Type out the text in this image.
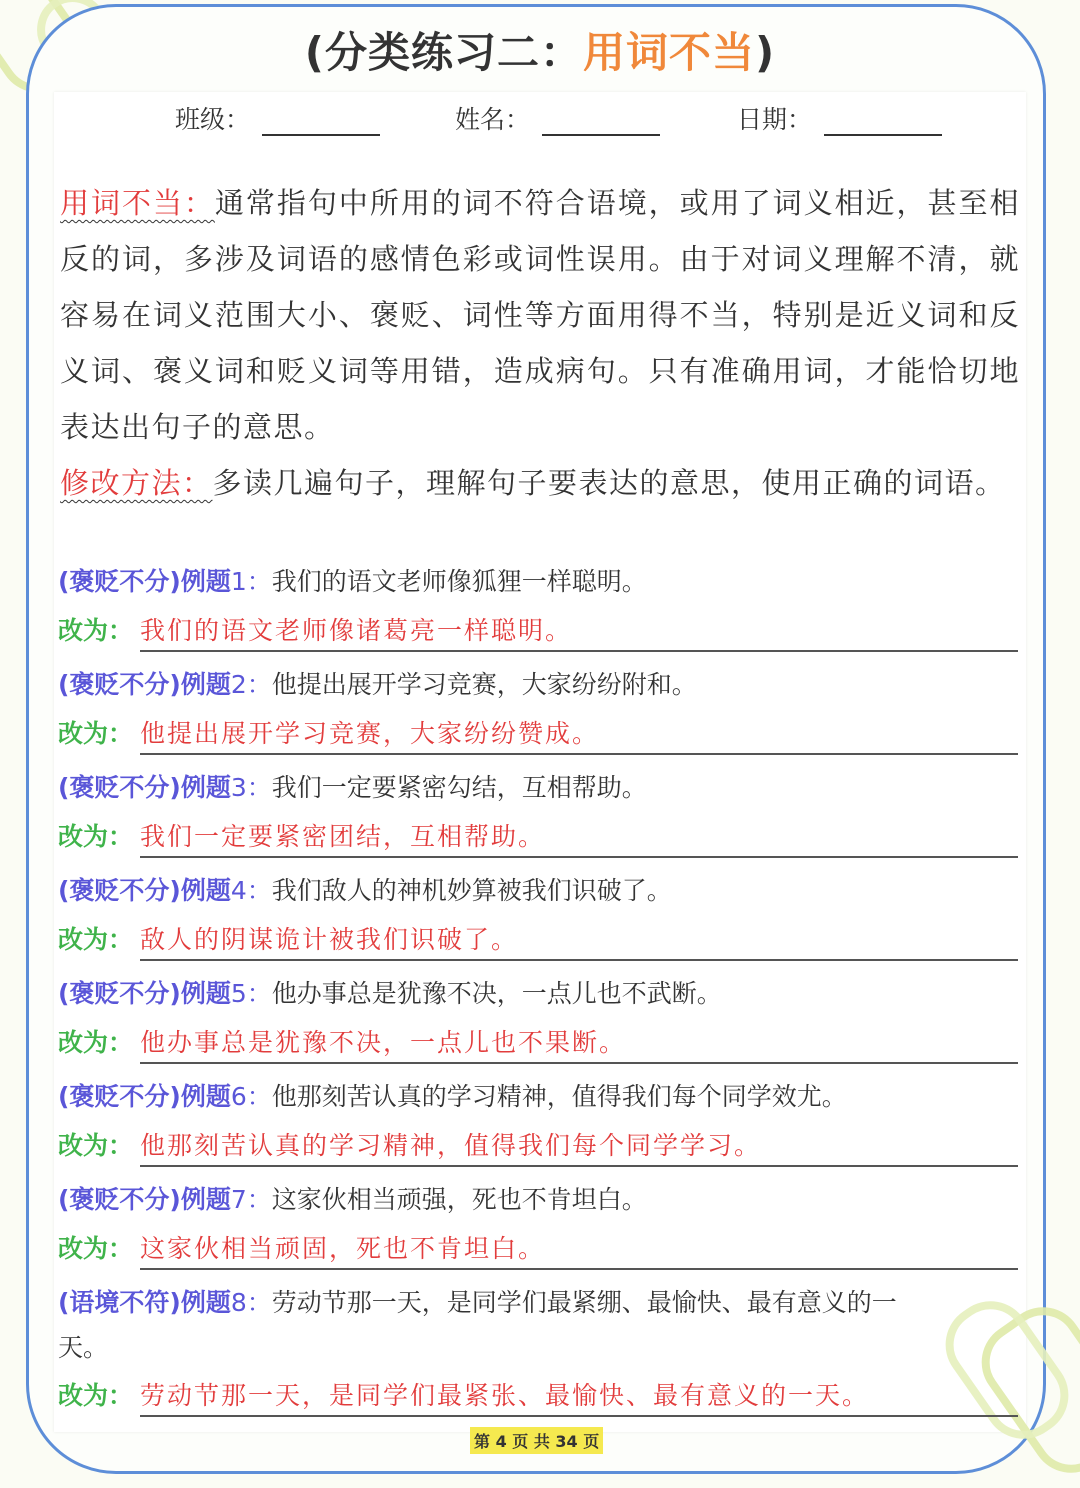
(分类练习二：用词不当)
班级：	姓名：	日期：

用词不当：通常指句中所用的词不符合语境，或用了词义相近，甚至相反的词，多涉及词语的感情色彩或词性误用。由于对词义理解不清，就容易在词义范围大小、褒贬、词性等方面用得不当，特别是近义词和反义词、褒义词和贬义词等用错，造成病句。只有准确用词，才能恰切地表达出句子的意思。

修改方法：多读几遍句子，理解句子要表达的意思，使用正确的词语。

(褒贬不分)例题1：我们的语文老师像狐狸一样聪明。
改为： 我们的语文老师像诸葛亮一样聪明。
(褒贬不分)例题2：他提出展开学习竞赛，大家纷纷附和。
改为： 他提出展开学习竞赛，大家纷纷赞成。
(褒贬不分)例题3：我们一定要紧密勾结，互相帮助。
改为： 我们一定要紧密团结，互相帮助。
(褒贬不分)例题4：我们敌人的神机妙算被我们识破了。
改为： 敌人的阴谋诡计被我们识破了。
(褒贬不分)例题5：他办事总是犹豫不决，一点儿也不武断。
改为： 他办事总是犹豫不决，一点儿也不果断。
(褒贬不分)例题6：他那刻苦认真的学习精神，值得我们每个同学效尤。
改为： 他那刻苦认真的学习精神，值得我们每个同学学习。
(褒贬不分)例题7：这家伙相当顽强，死也不肯坦白。
改为： 这家伙相当顽固，死也不肯坦白。
(语境不符)例题8：劳动节那一天，是同学们最紧绷、最愉快、最有意义的一
天。
改为： 劳动节那一天，是同学们最紧张、最愉快、最有意义的一天。
第 4 页 共 34 页
